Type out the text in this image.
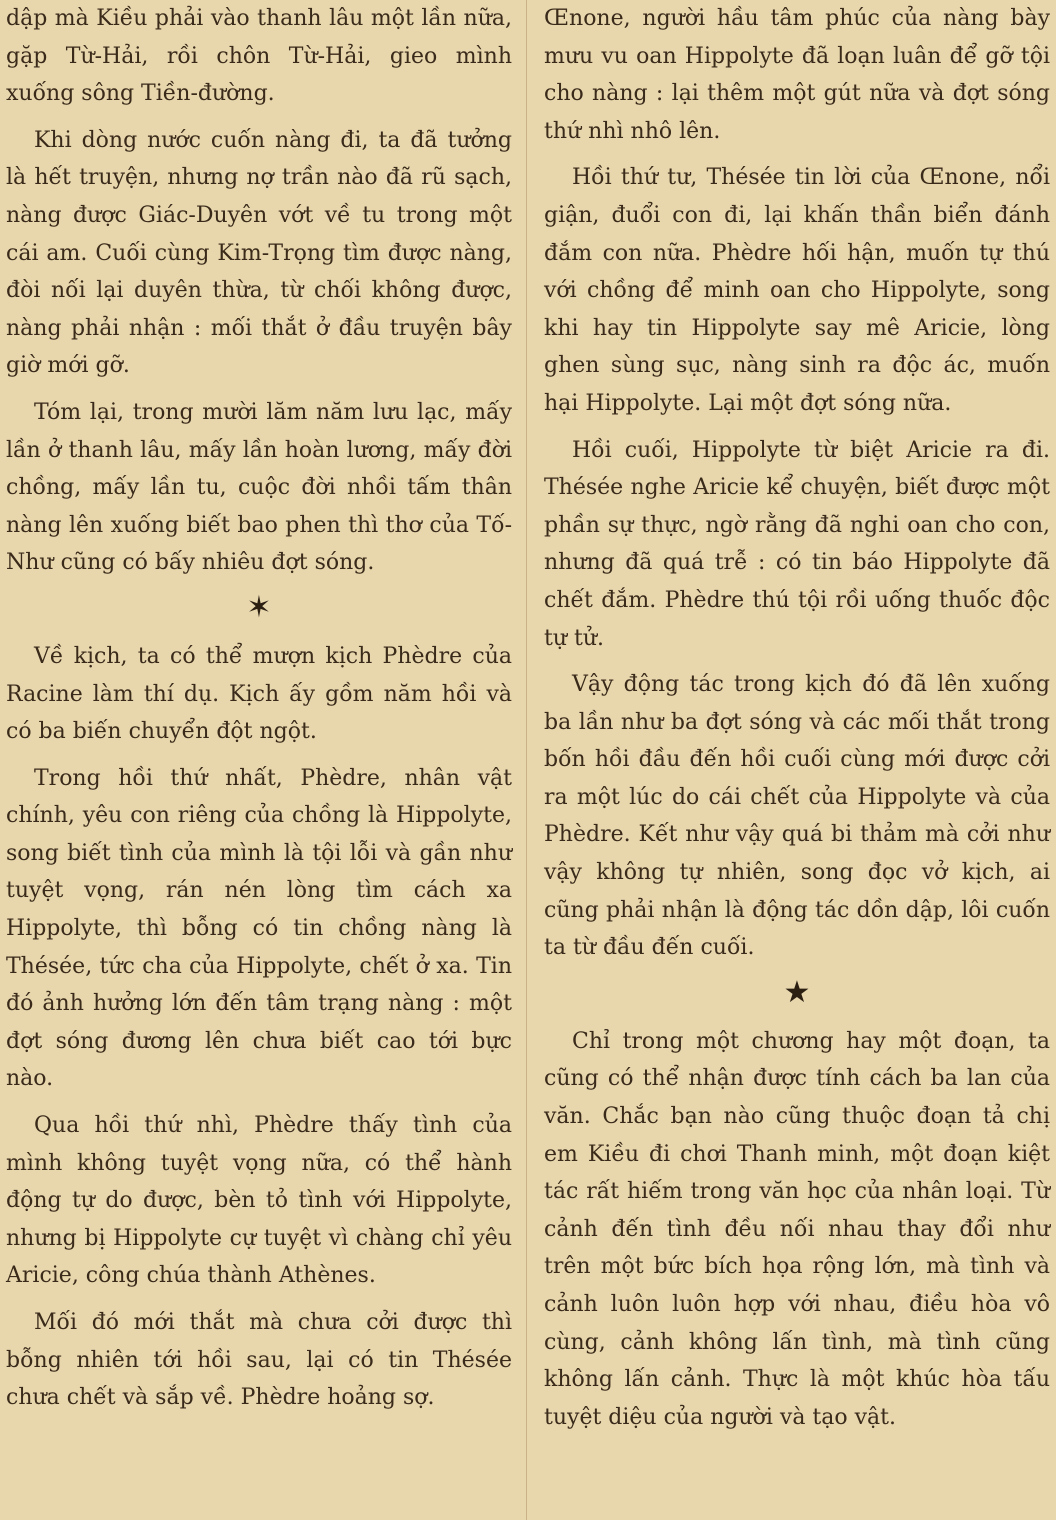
dập mà Kiều phải vào thanh lâu một lần nữa, gặp Từ-Hải, rồi chôn Từ-Hải, gieo mình xuống sông Tiền-đường.

Khi dòng nước cuốn nàng đi, ta đã tưởng là hết truyện, nhưng nợ trần nào đã rũ sạch, nàng được Giác-Duyên vớt về tu trong một cái am. Cuối cùng Kim-Trọng tìm được nàng, đòi nối lại duyên thừa, từ chối không được, nàng phải nhận : mối thắt ở đầu truyện bây giờ mới gỡ.

Tóm lại, trong mười lăm năm lưu lạc, mấy lần ở thanh lâu, mấy lần hoàn lương, mấy đời chồng, mấy lần tu, cuộc đời nhồi tấm thân nàng lên xuống biết bao phen thì thơ của Tố-Như cũng có bấy nhiêu đợt sóng.

✶

Về kịch, ta có thể mượn kịch Phèdre của Racine làm thí dụ. Kịch ấy gồm năm hồi và có ba biến chuyển đột ngột.

Trong hồi thứ nhất, Phèdre, nhân vật chính, yêu con riêng của chồng là Hippolyte, song biết tình của mình là tội lỗi và gần như tuyệt vọng, rán nén lòng tìm cách xa Hippolyte, thì bỗng có tin chồng nàng là Thésée, tức cha của Hippolyte, chết ở xa. Tin đó ảnh hưởng lớn đến tâm trạng nàng : một đợt sóng đương lên chưa biết cao tới bực nào.

Qua hồi thứ nhì, Phèdre thấy tình của mình không tuyệt vọng nữa, có thể hành động tự do được, bèn tỏ tình với Hippolyte, nhưng bị Hippolyte cự tuyệt vì chàng chỉ yêu Aricie, công chúa thành Athènes.

Mối đó mới thắt mà chưa cởi được thì bỗng nhiên tới hồi sau, lại có tin Thésée chưa chết và sắp về. Phèdre hoảng sợ.

Œnone, người hầu tâm phúc của nàng bày mưu vu oan Hippolyte đã loạn luân để gỡ tội cho nàng : lại thêm một gút nữa và đợt sóng thứ nhì nhô lên.

Hồi thứ tư, Thésée tin lời của Œnone, nổi giận, đuổi con đi, lại khấn thần biển đánh đắm con nữa. Phèdre hối hận, muốn tự thú với chồng để minh oan cho Hippolyte, song khi hay tin Hippolyte say mê Aricie, lòng ghen sùng sục, nàng sinh ra độc ác, muốn hại Hippolyte. Lại một đợt sóng nữa.

Hồi cuối, Hippolyte từ biệt Aricie ra đi. Thésée nghe Aricie kể chuyện, biết được một phần sự thực, ngờ rằng đã nghi oan cho con, nhưng đã quá trễ : có tin báo Hippolyte đã chết đắm. Phèdre thú tội rồi uống thuốc độc tự tử.

Vậy động tác trong kịch đó đã lên xuống ba lần như ba đợt sóng và các mối thắt trong bốn hồi đầu đến hồi cuối cùng mới được cởi ra một lúc do cái chết của Hippolyte và của Phèdre. Kết như vậy quá bi thảm mà cởi như vậy không tự nhiên, song đọc vở kịch, ai cũng phải nhận là động tác dồn dập, lôi cuốn ta từ đầu đến cuối.

★

Chỉ trong một chương hay một đoạn, ta cũng có thể nhận được tính cách ba lan của văn. Chắc bạn nào cũng thuộc đoạn tả chị em Kiều đi chơi Thanh minh, một đoạn kiệt tác rất hiếm trong văn học của nhân loại. Từ cảnh đến tình đều nối nhau thay đổi như trên một bức bích họa rộng lớn, mà tình và cảnh luôn luôn hợp với nhau, điều hòa vô cùng, cảnh không lấn tình, mà tình cũng không lấn cảnh. Thực là một khúc hòa tấu tuyệt diệu của người và tạo vật.
